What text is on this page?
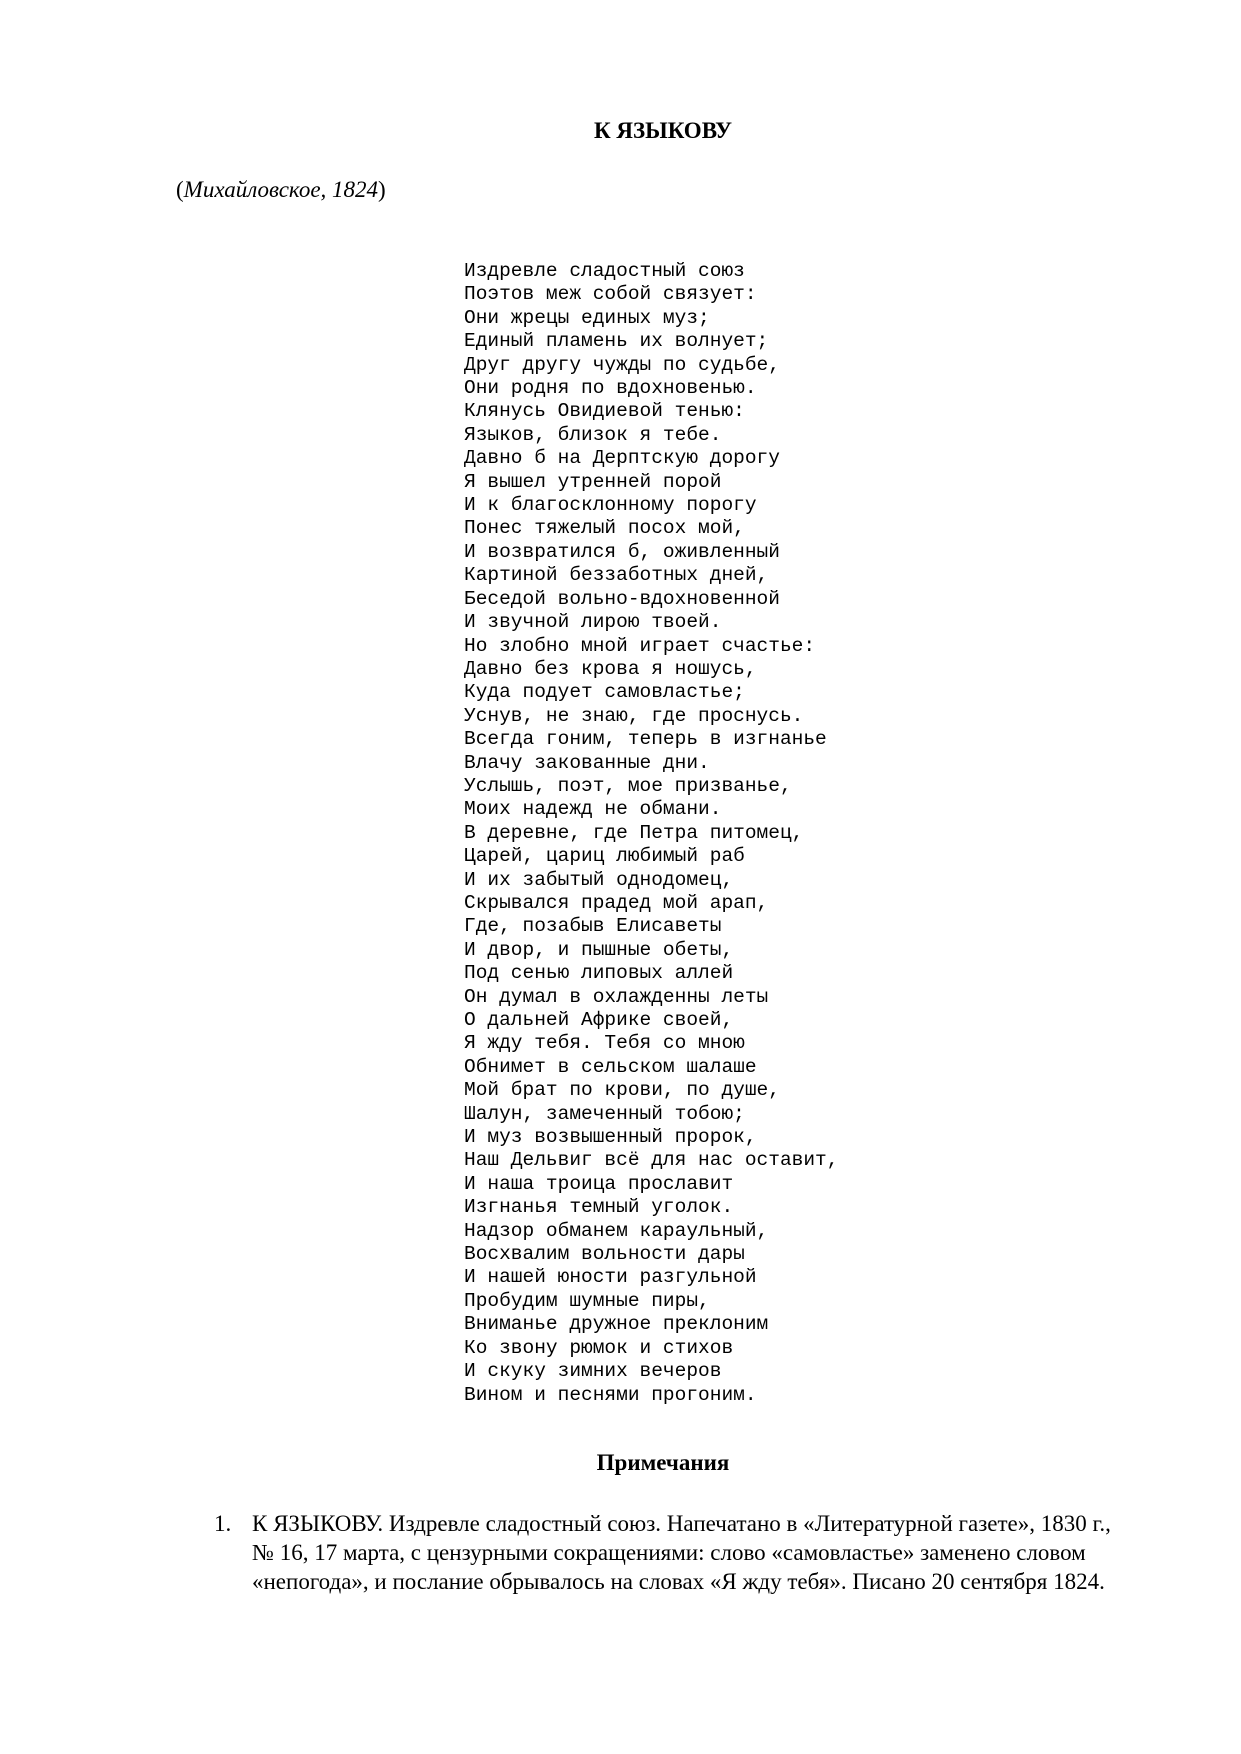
К ЯЗЫКОВУ

(Михайловское, 1824)

Издревле сладостный союз
Поэтов меж собой связует:
Они жрецы единых муз;
Единый пламень их волнует;
Друг другу чужды по судьбе,
Они родня по вдохновенью.
Клянусь Овидиевой тенью:
Языков, близок я тебе.
Давно б на Дерптскую дорогу
Я вышел утренней порой
И к благосклонному порогу
Понес тяжелый посох мой,
И возвратился б, оживленный
Картиной беззаботных дней,
Беседой вольно-вдохновенной
И звучной лирою твоей.
Но злобно мной играет счастье:
Давно без крова я ношусь,
Куда подует самовластье;
Уснув, не знаю, где проснусь.
Всегда гоним, теперь в изгнанье
Влачу закованные дни.
Услышь, поэт, мое призванье,
Моих надежд не обмани.
В деревне, где Петра питомец,
Царей, цариц любимый раб
И их забытый однодомец,
Скрывался прадед мой арап,
Где, позабыв Елисаветы
И двор, и пышные обеты,
Под сенью липовых аллей
Он думал в охлажденны леты
О дальней Африке своей,
Я жду тебя. Тебя со мною
Обнимет в сельском шалаше
Мой брат по крови, по душе,
Шалун, замеченный тобою;
И муз возвышенный пророк,
Наш Дельвиг всё для нас оставит,
И наша троица прославит
Изгнанья темный уголок.
Надзор обманем караульный,
Восхвалим вольности дары
И нашей юности разгульной
Пробудим шумные пиры,
Вниманье дружное преклоним
Ко звону рюмок и стихов
И скуку зимних вечеров
Вином и песнями прогоним.
Примечания
1. К ЯЗЫКОВУ. Издревле сладостный союз. Напечатано в «Литературной газете», 1830 г., № 16, 17 марта, с цензурными сокращениями: слово «самовластье» заменено словом «непогода», и послание обрывалось на словах «Я жду тебя». Писано 20 сентября 1824.
